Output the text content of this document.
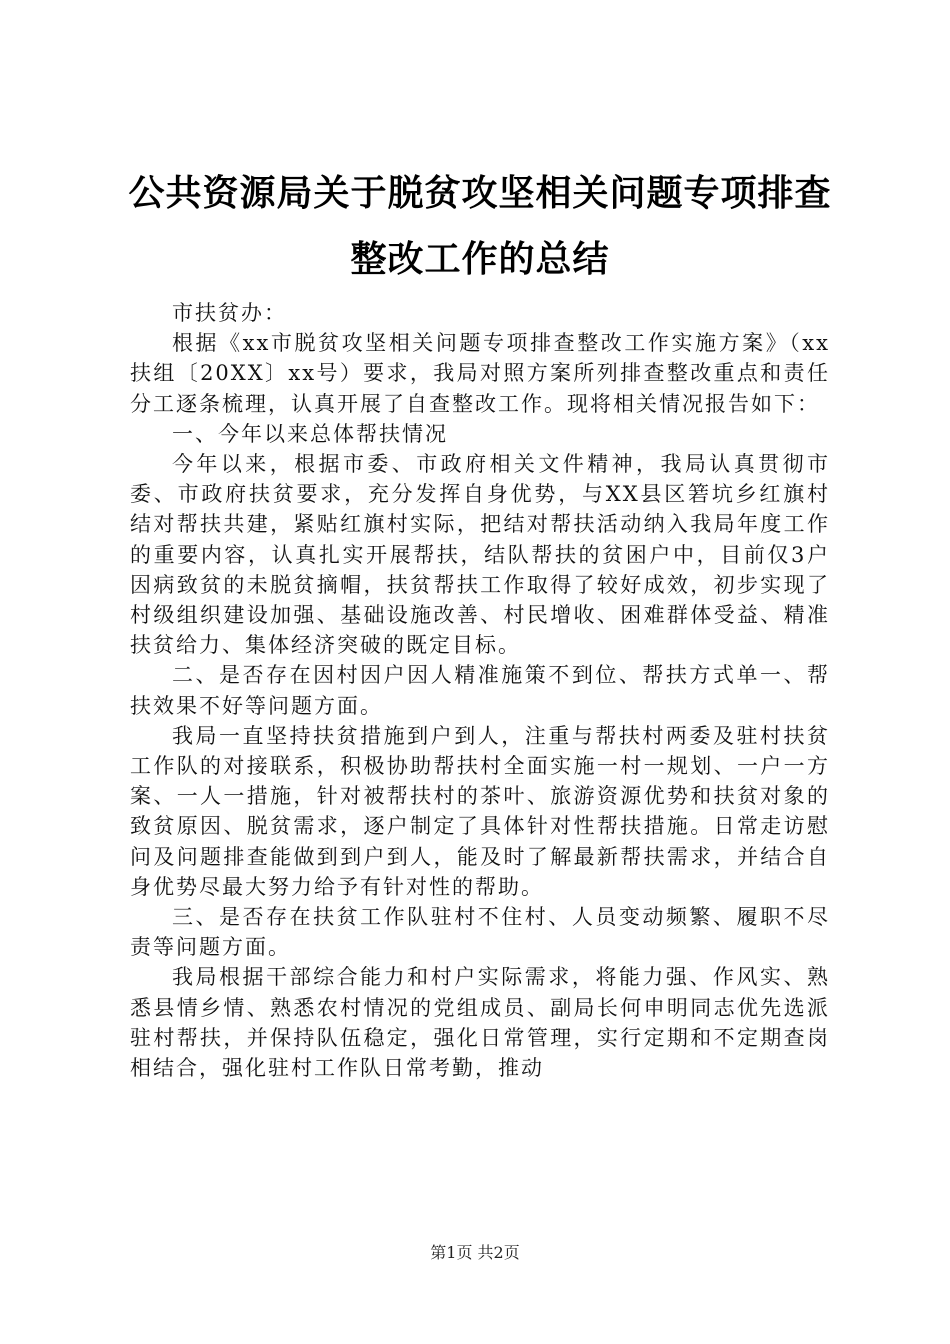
公共资源局关于脱贫攻坚相关问题专项排查整改工作的总结

市扶贫办：

根据《xx市脱贫攻坚相关问题专项排查整改工作实施方案》（xx扶组〔20XX〕xx号）要求，我局对照方案所列排查整改重点和责任分工逐条梳理，认真开展了自查整改工作。现将相关情况报告如下：

一、今年以来总体帮扶情况

今年以来，根据市委、市政府相关文件精神，我局认真贯彻市委、市政府扶贫要求，充分发挥自身优势，与XX县区箬坑乡红旗村结对帮扶共建，紧贴红旗村实际，把结对帮扶活动纳入我局年度工作的重要内容，认真扎实开展帮扶，结队帮扶的贫困户中，目前仅3户因病致贫的未脱贫摘帽，扶贫帮扶工作取得了较好成效，初步实现了村级组织建设加强、基础设施改善、村民增收、困难群体受益、精准扶贫给力、集体经济突破的既定目标。

二、是否存在因村因户因人精准施策不到位、帮扶方式单一、帮扶效果不好等问题方面。

我局一直坚持扶贫措施到户到人，注重与帮扶村两委及驻村扶贫工作队的对接联系，积极协助帮扶村全面实施一村一规划、一户一方案、一人一措施，针对被帮扶村的茶叶、旅游资源优势和扶贫对象的致贫原因、脱贫需求，逐户制定了具体针对性帮扶措施。日常走访慰问及问题排查能做到到户到人，能及时了解最新帮扶需求，并结合自身优势尽最大努力给予有针对性的帮助。

三、是否存在扶贫工作队驻村不住村、人员变动频繁、履职不尽责等问题方面。

我局根据干部综合能力和村户实际需求，将能力强、作风实、熟悉县情乡情、熟悉农村情况的党组成员、副局长何申明同志优先选派驻村帮扶，并保持队伍稳定，强化日常管理，实行定期和不定期查岗相结合，强化驻村工作队日常考勤，推动

第1页 共2页
